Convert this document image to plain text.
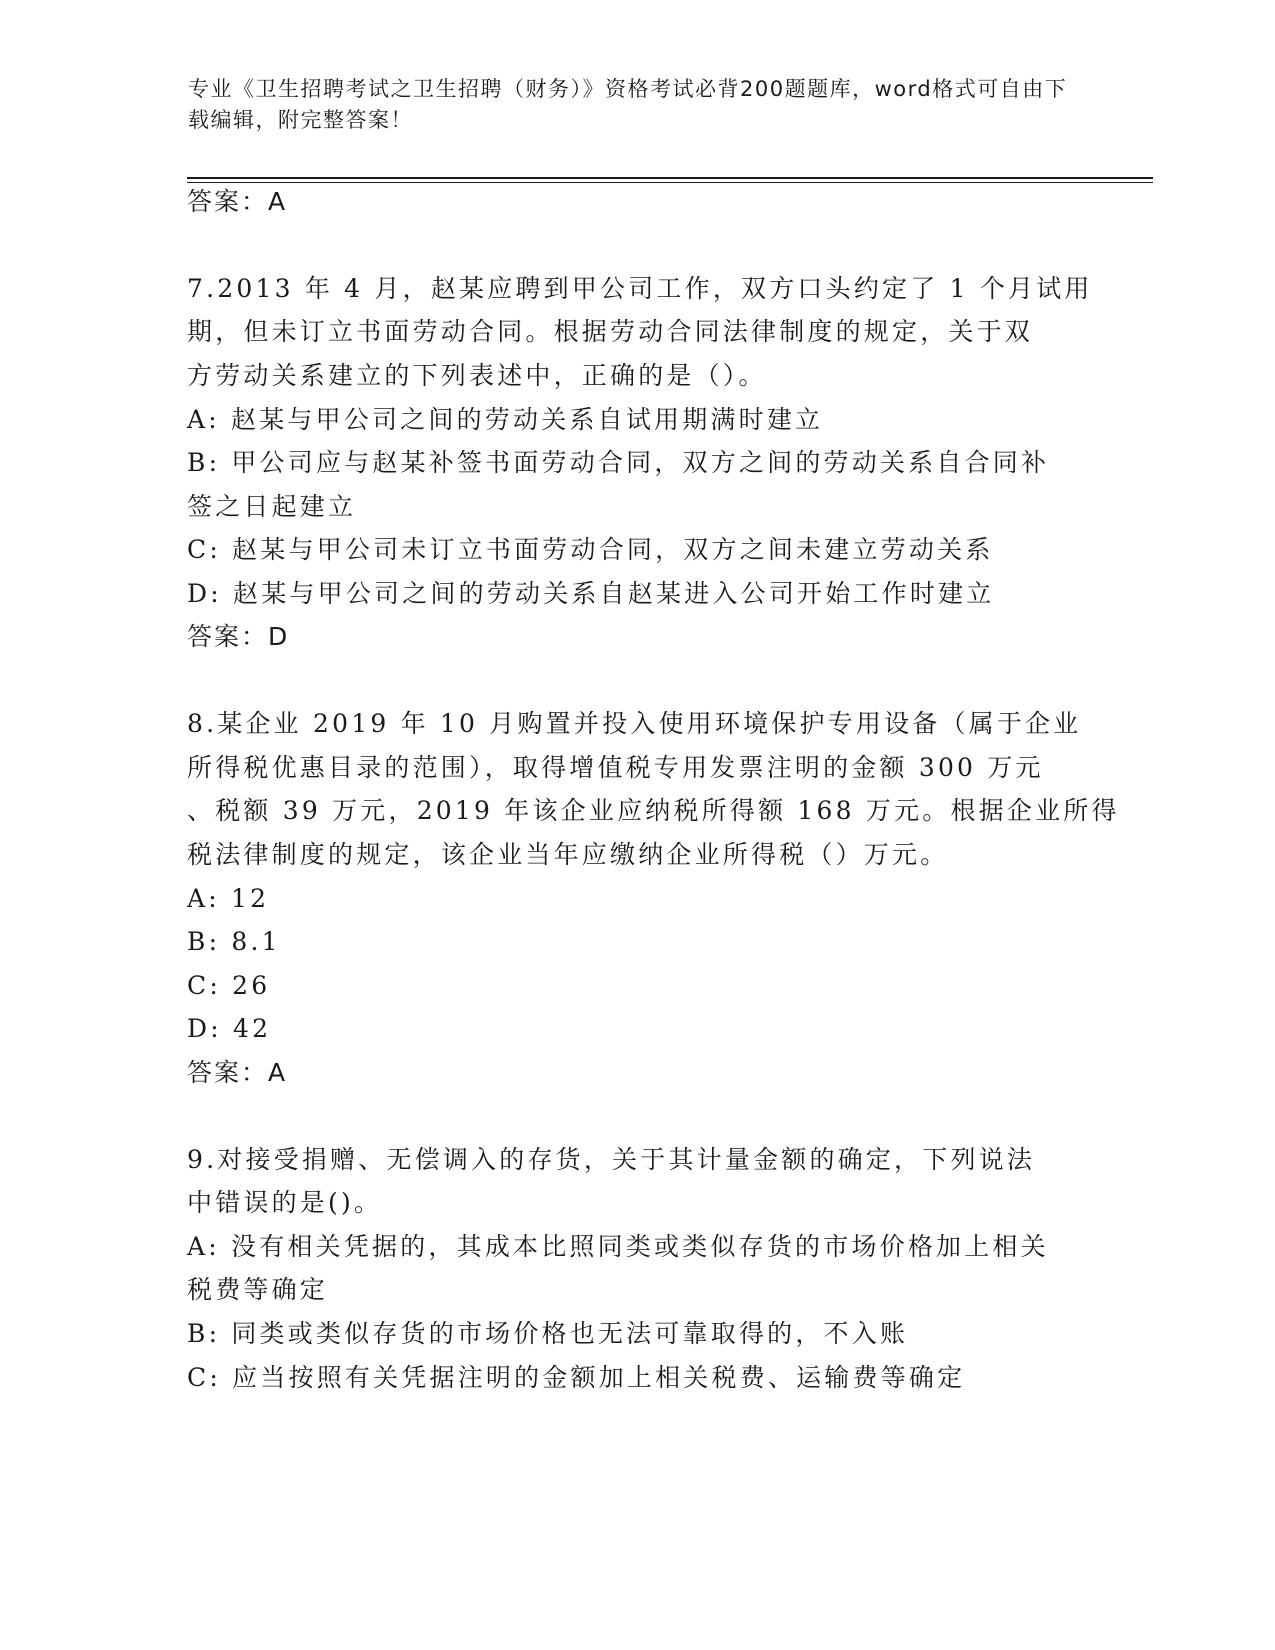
专业《卫生招聘考试之卫生招聘（财务）》资格考试必背200题题库，word格式可自由下载编辑，附完整答案！
答案：A
7.2013 年 4 月，赵某应聘到甲公司工作，双方口头约定了 1 个月试用
期，但未订立书面劳动合同。根据劳动合同法律制度的规定，关于双
方劳动关系建立的下列表述中，正确的是（）。
A: 赵某与甲公司之间的劳动关系自试用期满时建立
B: 甲公司应与赵某补签书面劳动合同，双方之间的劳动关系自合同补
签之日起建立
C: 赵某与甲公司未订立书面劳动合同，双方之间未建立劳动关系
D: 赵某与甲公司之间的劳动关系自赵某进入公司开始工作时建立
答案：D
8.某企业 2019 年 10 月购置并投入使用环境保护专用设备（属于企业
所得税优惠目录的范围），取得增值税专用发票注明的金额 300 万元
、税额 39 万元，2019 年该企业应纳税所得额 168 万元。根据企业所得
税法律制度的规定，该企业当年应缴纳企业所得税（）万元。
A: 12
B: 8.1
C: 26
D: 42
答案：A
9.对接受捐赠、无偿调入的存货，关于其计量金额的确定，下列说法
中错误的是()。
A: 没有相关凭据的，其成本比照同类或类似存货的市场价格加上相关
税费等确定
B: 同类或类似存货的市场价格也无法可靠取得的，不入账
C: 应当按照有关凭据注明的金额加上相关税费、运输费等确定
